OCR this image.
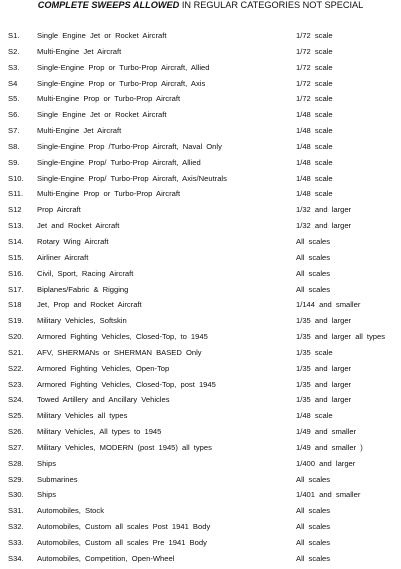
COMPLETE SWEEPS ALLOWED IN REGULAR CATEGORIES NOT SPECIAL
S1. Single Engine Jet or Rocket Aircraft	1/72 scale
S2. Multi-Engine Jet Aircraft	1/72 scale
S3. Single-Engine Prop or Turbo-Prop Aircraft, Allied	1/72 scale
S4	Single-Engine Prop or Turbo-Prop Aircraft, Axis	1/72 scale
S5. Multi-Engine Prop or Turbo-Prop Aircraft	1/72 scale
S6. Single Engine Jet or Rocket Aircraft	1/48 scale
S7. Multi-Engine Jet Aircraft	1/48 scale
S8. Single-Engine Prop /Turbo-Prop Aircraft, Naval Only	1/48 scale
S9. Single-Engine Prop/ Turbo-Prop Aircraft, Allied	1/48 scale
S10. Single-Engine Prop/ Turbo-Prop Aircraft, Axis/Neutrals	1/48 scale
S11. Multi-Engine Prop or Turbo-Prop Aircraft	1/48 scale
S12 Prop Aircraft	1/32 and larger
S13. Jet and Rocket Aircraft	1/32 and larger
S14. Rotary Wing Aircraft	All scales
S15. Airliner Aircraft	All scales
S16. Civil, Sport, Racing Aircraft	All scales
S17. Biplanes/Fabric & Rigging	All scales
S18 Jet, Prop and Rocket Aircraft	1/144 and smaller
S19. Military Vehicles, Softskin	1/35 and larger
S20. Armored Fighting Vehicles, Closed-Top, to 1945	1/35 and larger all types
S21. AFV, SHERMANs or SHERMAN BASED Only	1/35 scale
S22. Armored Fighting Vehicles, Open-Top	1/35 and larger
S23. Armored Fighting Vehicles, Closed-Top, post 1945	1/35 and larger
S24. Towed Artillery and Ancillary Vehicles	1/35 and larger
S25. Military Vehicles all types	1/48 scale
S26. Military Vehicles, All types to 1945	1/49 and smaller
S27. Military Vehicles, MODERN (post 1945) all types	1/49 and smaller )
S28. Ships	1/400 and larger
S29. Submarines	All scales
S30. Ships	1/401 and smaller
S31. Automobiles, Stock	All scales
S32. Automobiles, Custom all scales Post 1941 Body	All scales
S33. Automobiles, Custom all scales Pre 1941 Body	All scales
S34. Automobiles, Competition, Open-Wheel	All scales
